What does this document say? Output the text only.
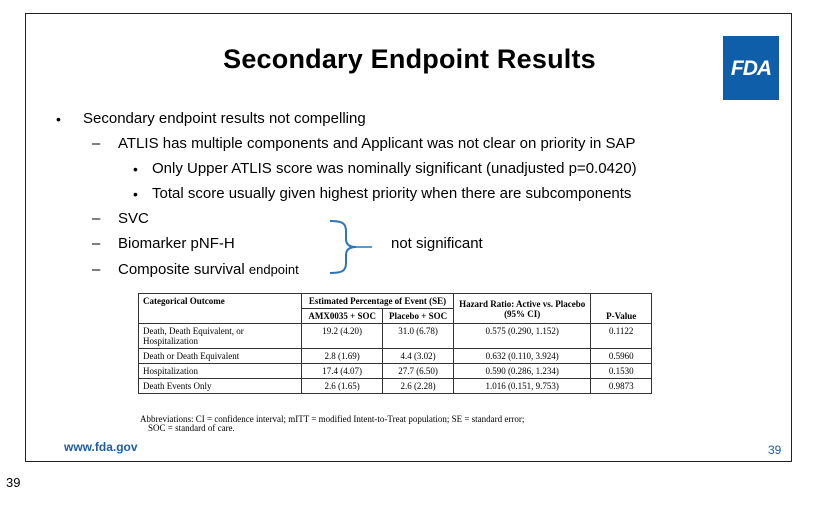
Secondary Endpoint Results	FDA
• Secondary endpoint results not compelling
– ATLIS has multiple components and Applicant was not clear on priority in SAP
• Only Upper ATLIS score was nominally significant (unadjusted p=0.0420)
• Total score usually given highest priority when there are subcomponents
– SVC
– Biomarker pNF-H
– Composite survival endpoint
not significant
Categorical Outcome	Estimated Percentage of Event (SE)		Hazard Ratio: Active vs. Placebo (95% CI)	P-Value
	AMX0035 + SOC	Placebo + SOC		
Death, Death Equivalent, or Hospitalization	19.2 (4.20)	31.0 (6.78)	0.575 (0.290, 1.152)	0.1122
Death or Death Equivalent	2.8 (1.69)	4.4 (3.02)	0.632 (0.110, 3.924)	0.5960
Hospitalization	17.4 (4.07)	27.7 (6.50)	0.590 (0.286, 1.234)	0.1530
Death Events Only	2.6 (1.65)	2.6 (2.28)	1.016 (0.151, 9.753)	0.9873
Abbreviations: CI = confidence interval; mITT = modified Intent-to-Treat population; SE = standard error;
SOC = standard of care.
www.fda.gov	39
39
